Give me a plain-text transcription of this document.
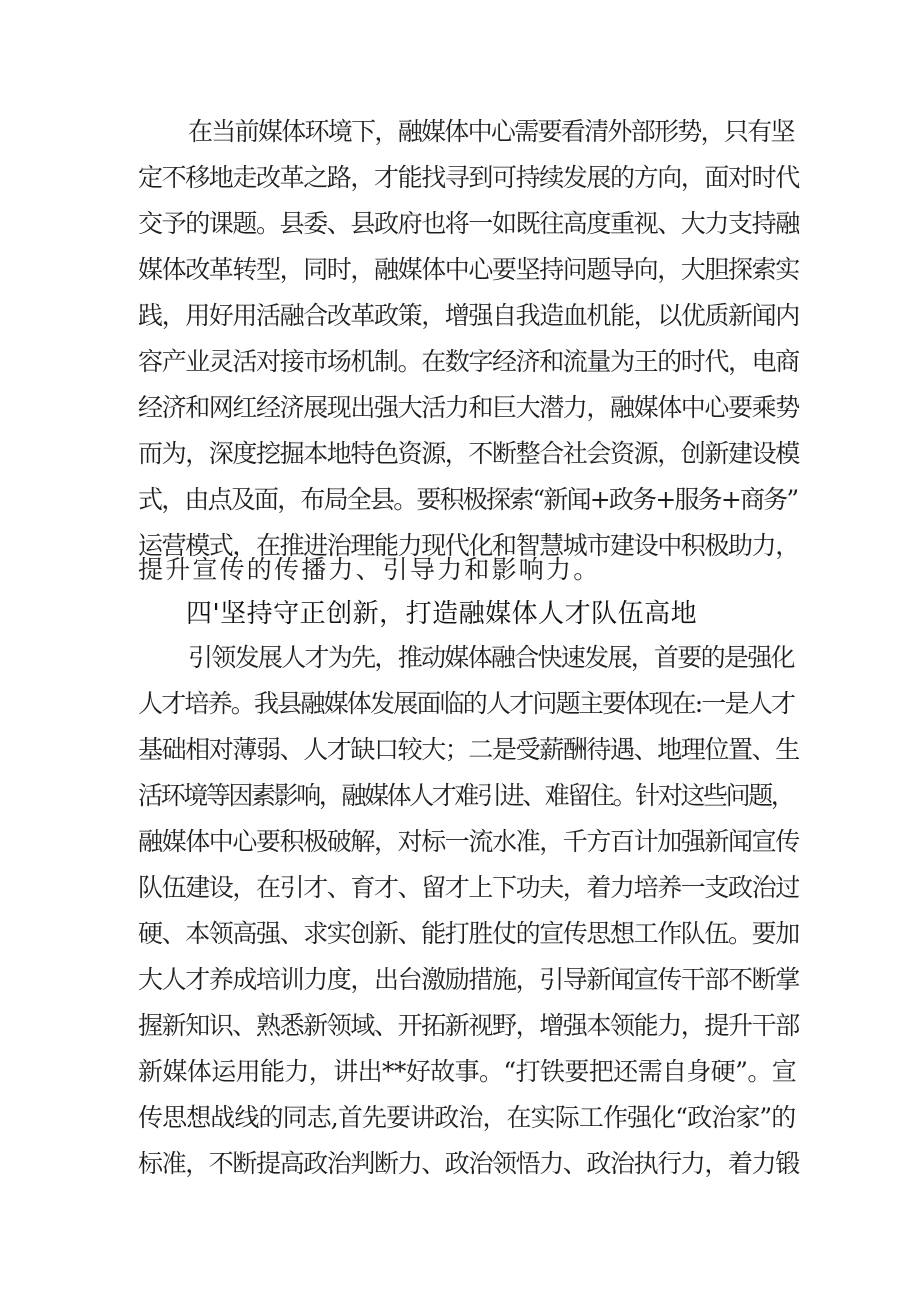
在当前媒体环境下，融媒体中心需要看清外部形势，只有坚
定不移地走改革之路，才能找寻到可持续发展的方向，面对时代
交予的课题。县委、县政府也将一如既往高度重视、大力支持融
媒体改革转型，同时，融媒体中心要坚持问题导向，大胆探索实
践，用好用活融合改革政策，增强自我造血机能，以优质新闻内
容产业灵活对接市场机制。在数字经济和流量为王的时代，电商
经济和网红经济展现出强大活力和巨大潜力，融媒体中心要乘势
而为，深度挖掘本地特色资源，不断整合社会资源，创新建设模
式，由点及面，布局全县。要积极探索“新闻+政务+服务+商务”
运营模式，在推进治理能力现代化和智慧城市建设中积极助力，
提升宣传的传播力、引导力和影响力。
四'坚持守正创新，打造融媒体人才队伍高地
引领发展人才为先，推动媒体融合快速发展，首要的是强化
人才培养。我县融媒体发展面临的人才问题主要体现在:一是人才
基础相对薄弱、人才缺口较大；二是受薪酬待遇、地理位置、生
活环境等因素影响，融媒体人才难引进、难留住。针对这些问题，
融媒体中心要积极破解，对标一流水准，千方百计加强新闻宣传
队伍建设，在引才、育才、留才上下功夫，着力培养一支政治过
硬、本领高强、求实创新、能打胜仗的宣传思想工作队伍。要加
大人才养成培训力度，出台激励措施，引导新闻宣传干部不断掌
握新知识、熟悉新领域、开拓新视野，增强本领能力，提升干部
新媒体运用能力，讲出**好故事。“打铁要把还需自身硬”。宣
传思想战线的同志,首先要讲政治，在实际工作强化“政治家”的
标准，不断提高政治判断力、政治领悟力、政治执行力，着力锻
